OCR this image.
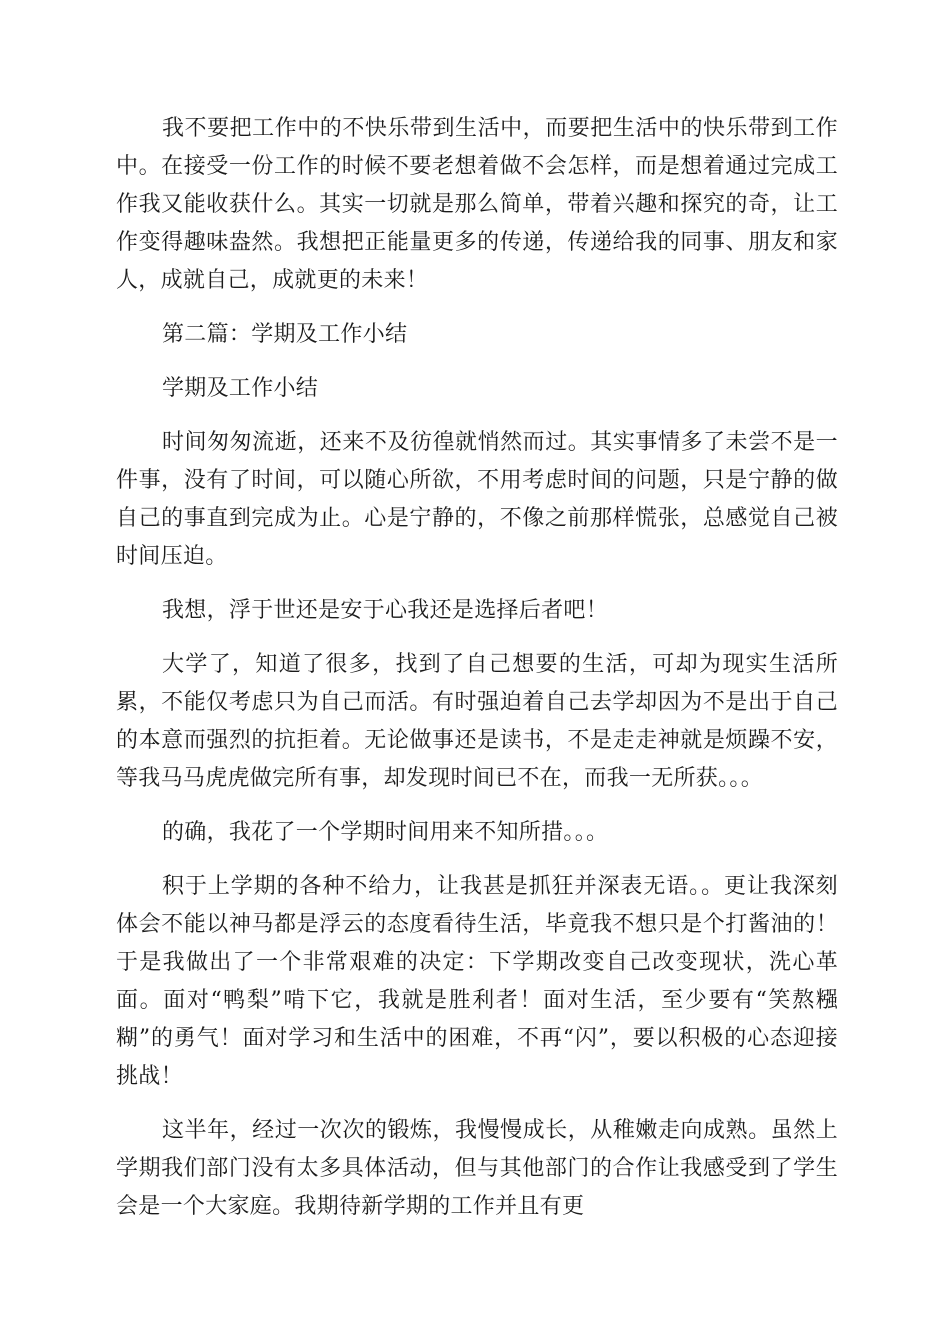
我不要把工作中的不快乐带到生活中，而要把生活中的快乐带到工作中。在接受一份工作的时候不要老想着做不会怎样，而是想着通过完成工作我又能收获什么。其实一切就是那么简单，带着兴趣和探究的奇，让工作变得趣味盎然。我想把正能量更多的传递，传递给我的同事、朋友和家人，成就自己，成就更的未来！

第二篇：学期及工作小结

学期及工作小结

时间匆匆流逝，还来不及彷徨就悄然而过。其实事情多了未尝不是一件事，没有了时间，可以随心所欲，不用考虑时间的问题，只是宁静的做自己的事直到完成为止。心是宁静的，不像之前那样慌张，总感觉自己被时间压迫。

我想，浮于世还是安于心我还是选择后者吧！

大学了，知道了很多，找到了自己想要的生活，可却为现实生活所累，不能仅考虑只为自己而活。有时强迫着自己去学却因为不是出于自己的本意而强烈的抗拒着。无论做事还是读书，不是走走神就是烦躁不安，等我马马虎虎做完所有事，却发现时间已不在，而我一无所获。。。

的确，我花了一个学期时间用来不知所措。。。

积于上学期的各种不给力，让我甚是抓狂并深表无语。。更让我深刻体会不能以神马都是浮云的态度看待生活，毕竟我不想只是个打酱油的！于是我做出了一个非常艰难的决定：下学期改变自己改变现状，洗心革面。面对“鸭梨”啃下它，我就是胜利者！面对生活，至少要有“笑熬糨糊”的勇气！面对学习和生活中的困难，不再“闪”，要以积极的心态迎接挑战！

这半年，经过一次次的锻炼，我慢慢成长，从稚嫩走向成熟。虽然上学期我们部门没有太多具体活动，但与其他部门的合作让我感受到了学生会是一个大家庭。我期待新学期的工作并且有更
